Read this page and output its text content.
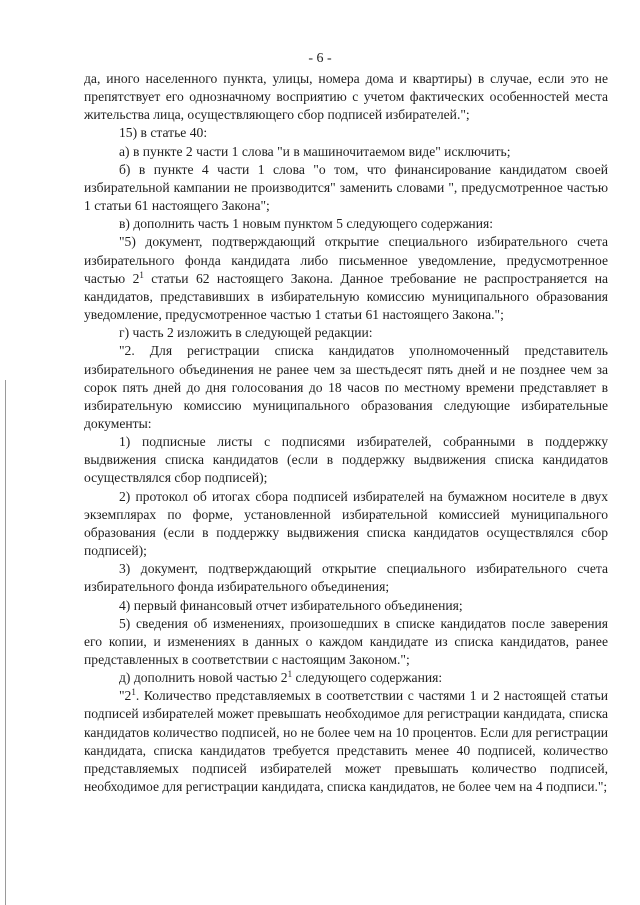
- 6 -

да, иного населенного пункта, улицы, номера дома и квартиры) в случае, если это не препятствует его однозначному восприятию с учетом фактических особенностей места жительства лица, осуществляющего сбор подписей избирателей.";

15) в статье 40:

а) в пункте 2 части 1 слова "и в машиночитаемом виде" исключить;

б) в пункте 4 части 1 слова "о том, что финансирование кандидатом своей избирательной кампании не производится" заменить словами ", предусмотренное частью 1 статьи 61 настоящего Закона";

в) дополнить часть 1 новым пунктом 5 следующего содержания:

"5) документ, подтверждающий открытие специального избирательного счета избирательного фонда кандидата либо письменное уведомление, предусмотренное частью $2^1$ статьи 62 настоящего Закона. Данное требование не распространяется на кандидатов, представивших в избирательную комиссию муниципального образования уведомление, предусмотренное частью 1 статьи 61 настоящего Закона.";

г) часть 2 изложить в следующей редакции:

"2. Для регистрации списка кандидатов уполномоченный представитель избирательного объединения не ранее чем за шестьдесят пять дней и не позднее чем за сорок пять дней до дня голосования до 18 часов по местному времени представляет в избирательную комиссию муниципального образования следующие избирательные документы:

1) подписные листы с подписями избирателей, собранными в поддержку выдвижения списка кандидатов (если в поддержку выдвижения списка кандидатов осуществлялся сбор подписей);

2) протокол об итогах сбора подписей избирателей на бумажном носителе в двух экземплярах по форме, установленной избирательной комиссией муниципального образования (если в поддержку выдвижения списка кандидатов осуществлялся сбор подписей);

3) документ, подтверждающий открытие специального избирательного счета избирательного фонда избирательного объединения;

4) первый финансовый отчет избирательного объединения;

5) сведения об изменениях, произошедших в списке кандидатов после заверения его копии, и изменениях в данных о каждом кандидате из списка кандидатов, ранее представленных в соответствии с настоящим Законом.";

д) дополнить новой частью $2^1$ следующего содержания:

"$2^1$. Количество представляемых в соответствии с частями 1 и 2 настоящей статьи подписей избирателей может превышать необходимое для регистрации кандидата, списка кандидатов количество подписей, но не более чем на 10 процентов. Если для регистрации кандидата, списка кандидатов требуется представить менее 40 подписей, количество представляемых подписей избирателей может превышать количество подписей, необходимое для регистрации кандидата, списка кандидатов, не более чем на 4 подписи.";
